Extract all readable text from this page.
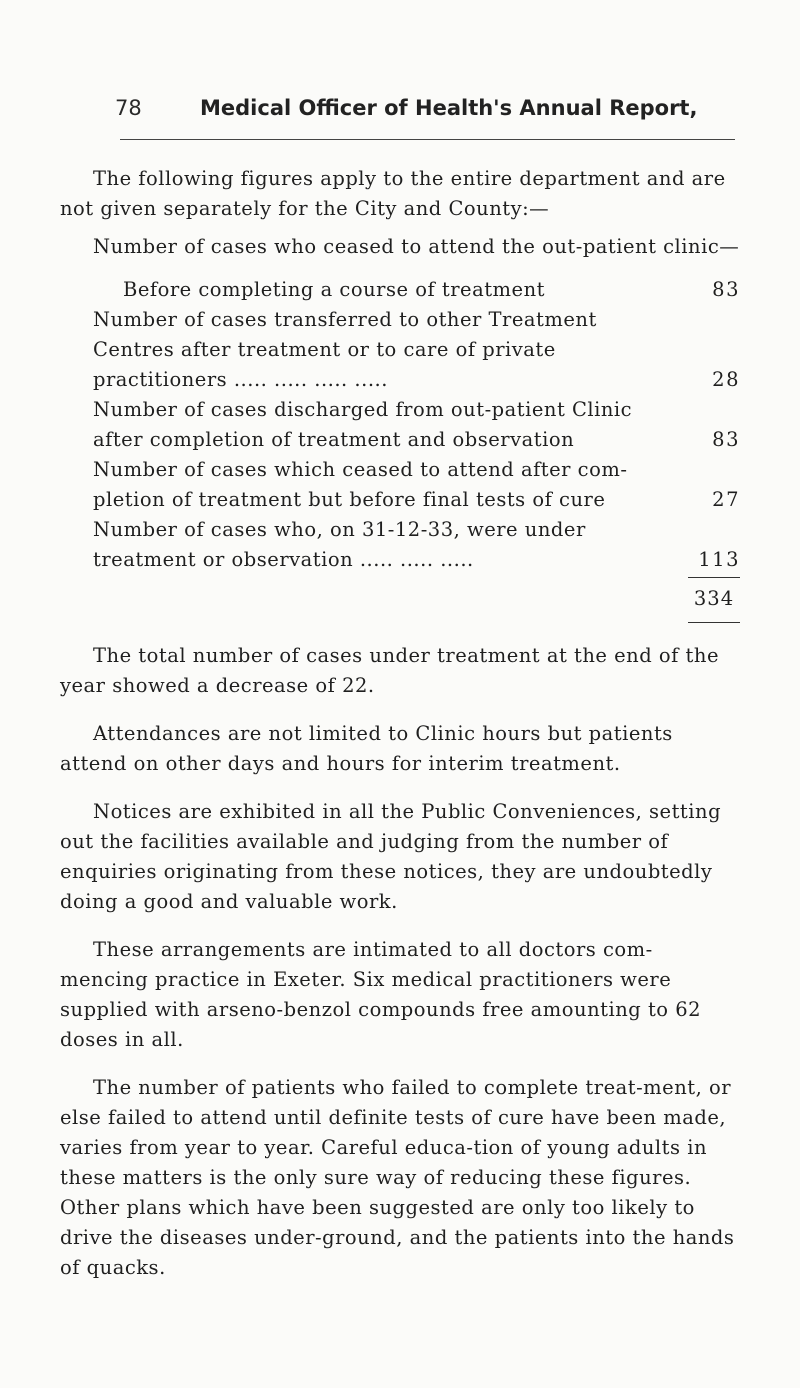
78	Medical Officer of Health's Annual Report,

The following figures apply to the entire department and are not given separately for the City and County:—

Number of cases who ceased to attend the out-patient clinic—

Before completing a course of treatment	83

Number of cases transferred to other Treatment Centres after treatment or to care of private practitioners ..... ..... ..... .....	28

Number of cases discharged from out-patient Clinic after completion of treatment and observation	83

Number of cases which ceased to attend after com-pletion of treatment but before final tests of cure	27

Number of cases who, on 31-12-33, were under treatment or observation ..... ..... .....	113

334

The total number of cases under treatment at the end of the year showed a decrease of 22.

Attendances are not limited to Clinic hours but patients attend on other days and hours for interim treatment.

Notices are exhibited in all the Public Conveniences, setting out the facilities available and judging from the number of enquiries originating from these notices, they are undoubtedly doing a good and valuable work.

These arrangements are intimated to all doctors com-mencing practice in Exeter. Six medical practitioners were supplied with arseno-benzol compounds free amounting to 62 doses in all.

The number of patients who failed to complete treat-ment, or else failed to attend until definite tests of cure have been made, varies from year to year. Careful educa-tion of young adults in these matters is the only sure way of reducing these figures. Other plans which have been suggested are only too likely to drive the diseases under-ground, and the patients into the hands of quacks.
